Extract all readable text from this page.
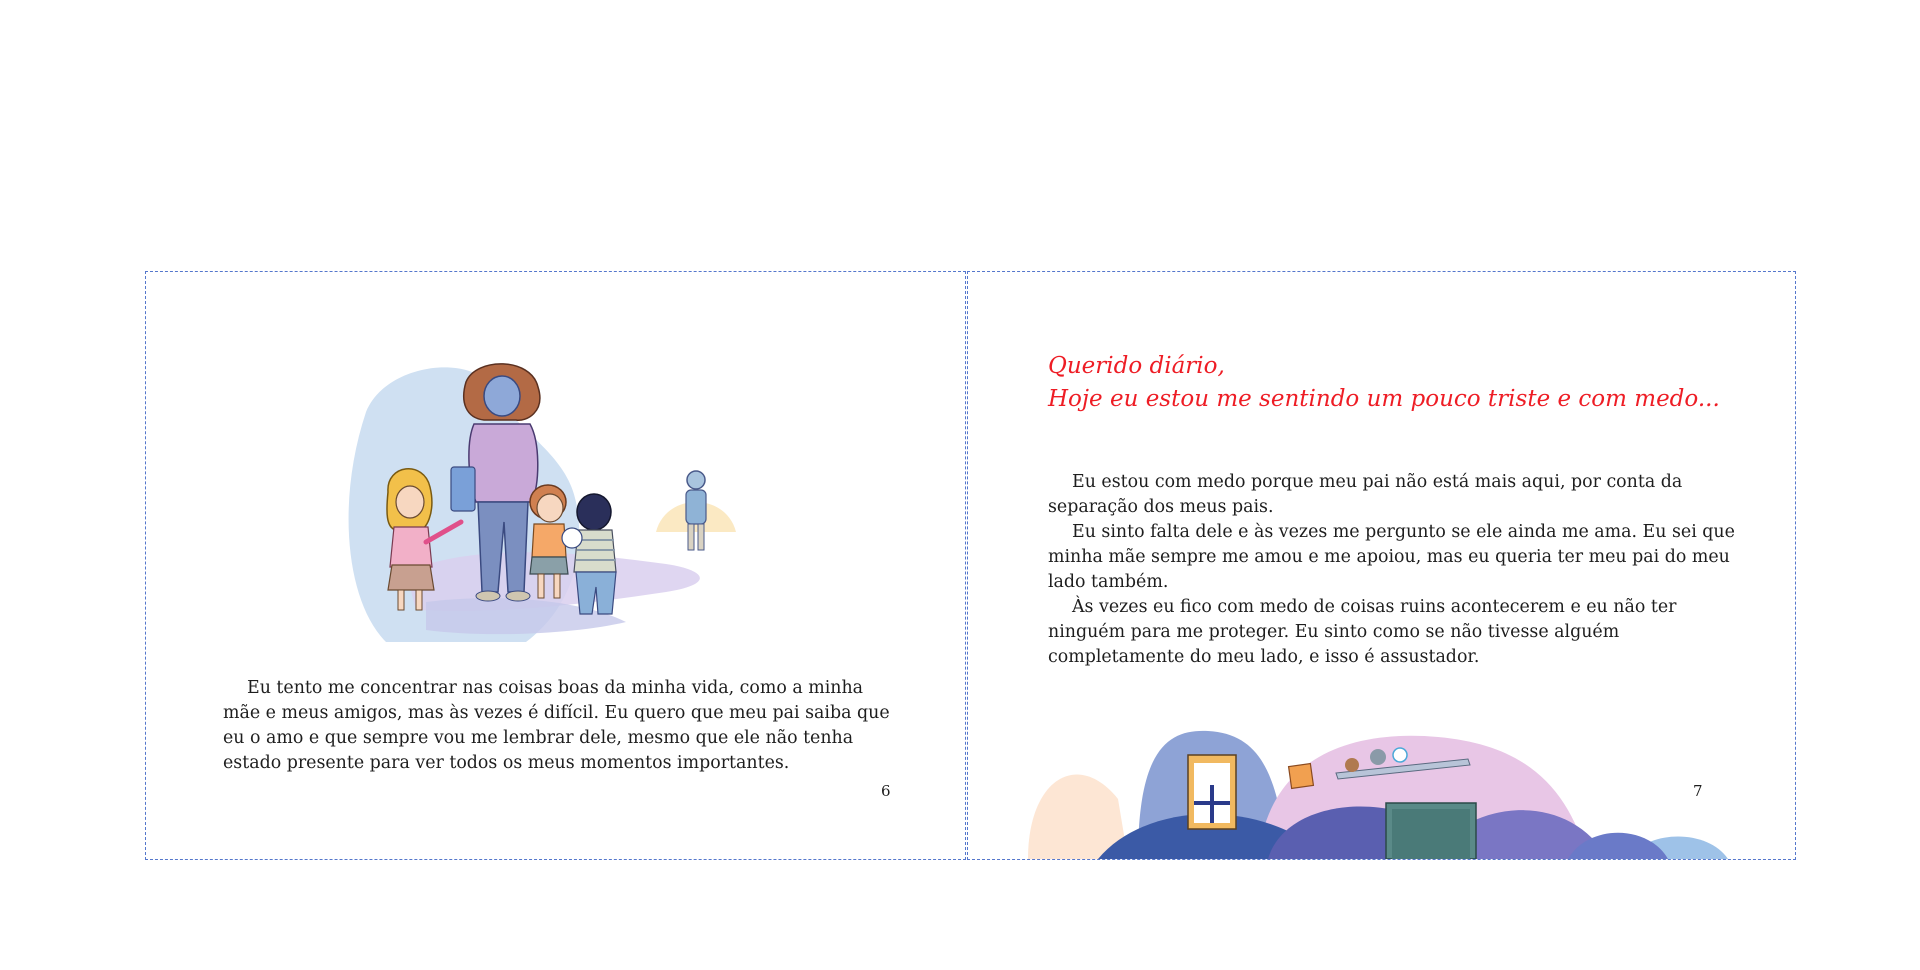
Eu tento me concentrar nas coisas boas da minha vida, como a minha mãe e meus amigos, mas às vezes é difícil. Eu quero que meu pai saiba que eu o amo e que sempre vou me lembrar dele, mesmo que ele não tenha estado presente para ver todos os meus momentos importantes.

6
Querido diário,
Hoje eu estou me sentindo um pouco triste e com medo...

Eu estou com medo porque meu pai não está mais aqui, por conta da separação dos meus pais.

Eu sinto falta dele e às vezes me pergunto se ele ainda me ama. Eu sei que minha mãe sempre me amou e me apoiou, mas eu queria ter meu pai do meu lado também.

Às vezes eu fico com medo de coisas ruins acontecerem e eu não ter ninguém para me proteger. Eu sinto como se não tivesse alguém completamente do meu lado, e isso é assustador.

7
